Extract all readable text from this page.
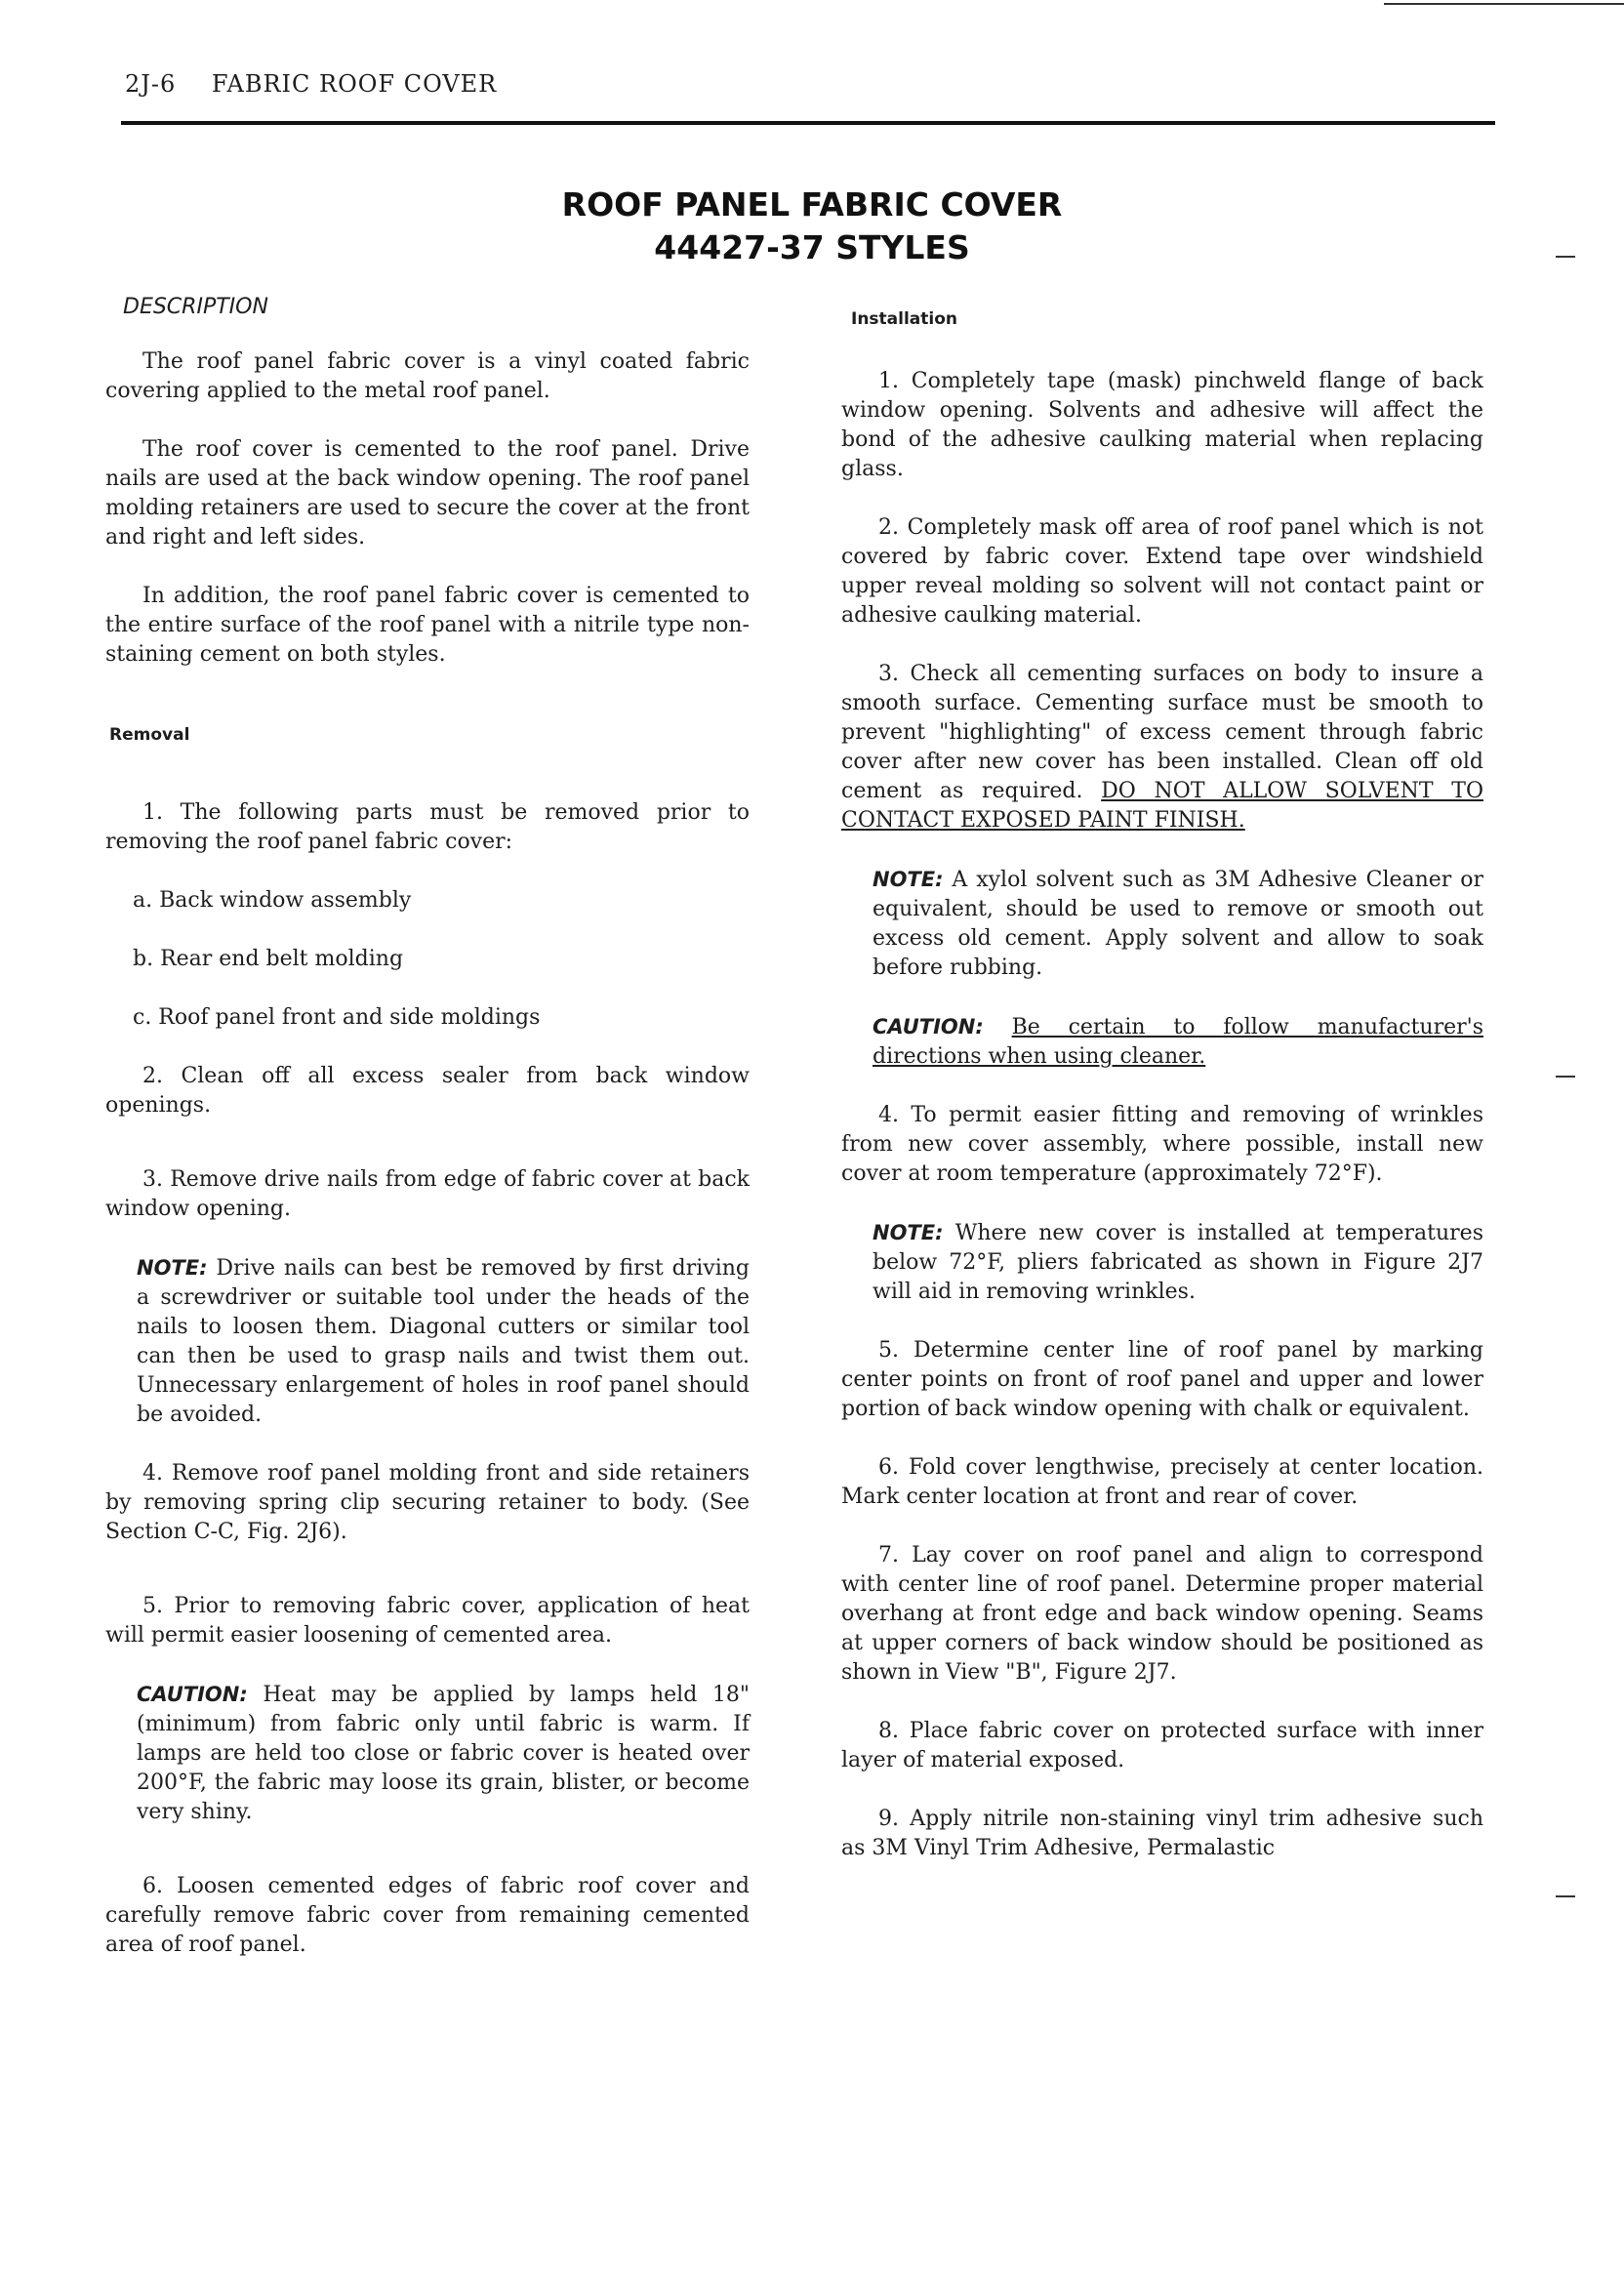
2J-6 FABRIC ROOF COVER
ROOF PANEL FABRIC COVER
44427-37 STYLES
DESCRIPTION

The roof panel fabric cover is a vinyl coated fabric covering applied to the metal roof panel.

The roof cover is cemented to the roof panel. Drive nails are used at the back window opening. The roof panel molding retainers are used to secure the cover at the front and right and left sides.

In addition, the roof panel fabric cover is cemented to the entire surface of the roof panel with a nitrile type non-staining cement on both styles.

Removal

1. The following parts must be removed prior to removing the roof panel fabric cover:

a. Back window assembly

b. Rear end belt molding

c. Roof panel front and side moldings

2. Clean off all excess sealer from back window openings.

3. Remove drive nails from edge of fabric cover at back window opening.

NOTE: Drive nails can best be removed by first driving a screwdriver or suitable tool under the heads of the nails to loosen them. Diagonal cutters or similar tool can then be used to grasp nails and twist them out. Unnecessary enlargement of holes in roof panel should be avoided.

4. Remove roof panel molding front and side retainers by removing spring clip securing retainer to body. (See Section C-C, Fig. 2J6).

5. Prior to removing fabric cover, application of heat will permit easier loosening of cemented area.

CAUTION: Heat may be applied by lamps held 18" (minimum) from fabric only until fabric is warm. If lamps are held too close or fabric cover is heated over 200°F, the fabric may loose its grain, blister, or become very shiny.

6. Loosen cemented edges of fabric roof cover and carefully remove fabric cover from remaining cemented area of roof panel.

Installation

1. Completely tape (mask) pinchweld flange of back window opening. Solvents and adhesive will affect the bond of the adhesive caulking material when replacing glass.

2. Completely mask off area of roof panel which is not covered by fabric cover. Extend tape over windshield upper reveal molding so solvent will not contact paint or adhesive caulking material.

3. Check all cementing surfaces on body to insure a smooth surface. Cementing surface must be smooth to prevent "highlighting" of excess cement through fabric cover after new cover has been installed. Clean off old cement as required. DO NOT ALLOW SOLVENT TO CONTACT EXPOSED PAINT FINISH.

NOTE: A xylol solvent such as 3M Adhesive Cleaner or equivalent, should be used to remove or smooth out excess old cement. Apply solvent and allow to soak before rubbing.

CAUTION: Be certain to follow manufacturer's directions when using cleaner.

4. To permit easier fitting and removing of wrinkles from new cover assembly, where possible, install new cover at room temperature (approximately 72°F).

NOTE: Where new cover is installed at temperatures below 72°F, pliers fabricated as shown in Figure 2J7 will aid in removing wrinkles.

5. Determine center line of roof panel by marking center points on front of roof panel and upper and lower portion of back window opening with chalk or equivalent.

6. Fold cover lengthwise, precisely at center location. Mark center location at front and rear of cover.

7. Lay cover on roof panel and align to correspond with center line of roof panel. Determine proper material overhang at front edge and back window opening. Seams at upper corners of back window should be positioned as shown in View "B", Figure 2J7.

8. Place fabric cover on protected surface with inner layer of material exposed.

9. Apply nitrile non-staining vinyl trim adhesive such as 3M Vinyl Trim Adhesive, Permalastic
